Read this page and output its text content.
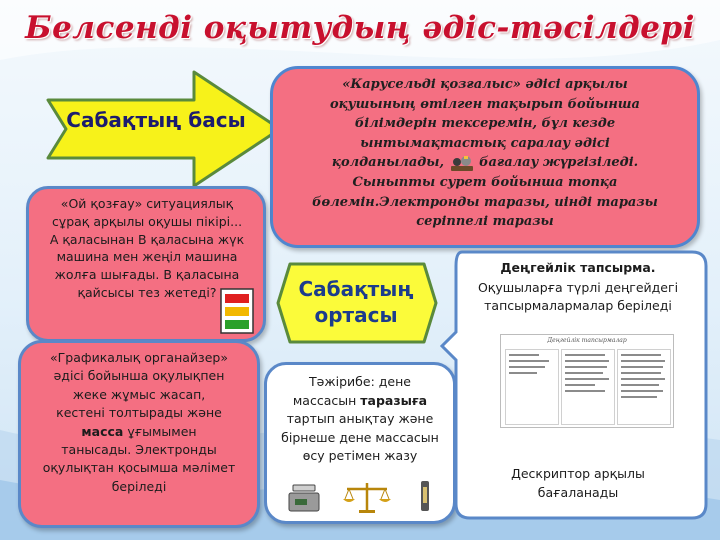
Белсенді оқытудың әдіс-тәсілдері
Сабақтың басы
«Карусельді қозғалыс» әдісі арқылы
оқушының өтілген тақырып бойынша
білімдерін тексеремін, бұл кезде
ынтымақтастық саралау әдісі
қолданылады,	бағалау жүргізіледі.
Сыныпты сурет бойынша топқа
бөлемін.Электронды таразы, иінді таразы
серіппелі таразы
«Ой қозғау» ситуациялық
сұрақ арқылы оқушы пікірі...
А қаласынан В қаласына жүк
машина мен жеңіл машина
жолға шығады. В қаласына
қайсысы тез жетеді?	Сабақтың
ортасы
«Графикалық органайзер»
әдісі бойынша оқулықпен
жеке жұмыс жасап,
кестені толтырады және
масса ұғымымен
танысады. Электронды
оқулықтан қосымша мәлімет
беріледі
Тәжірибе: дене
массасын таразыға
тартып анықтау және
бірнеше дене массасын
өсу ретімен жазу
Деңгейлік тапсырма.
Оқушыларға түрлі деңгейдегі
тапсырмалармалар беріледі
Деңгейлік тапсырмалар
Дескриптор арқылы
бағаланады
